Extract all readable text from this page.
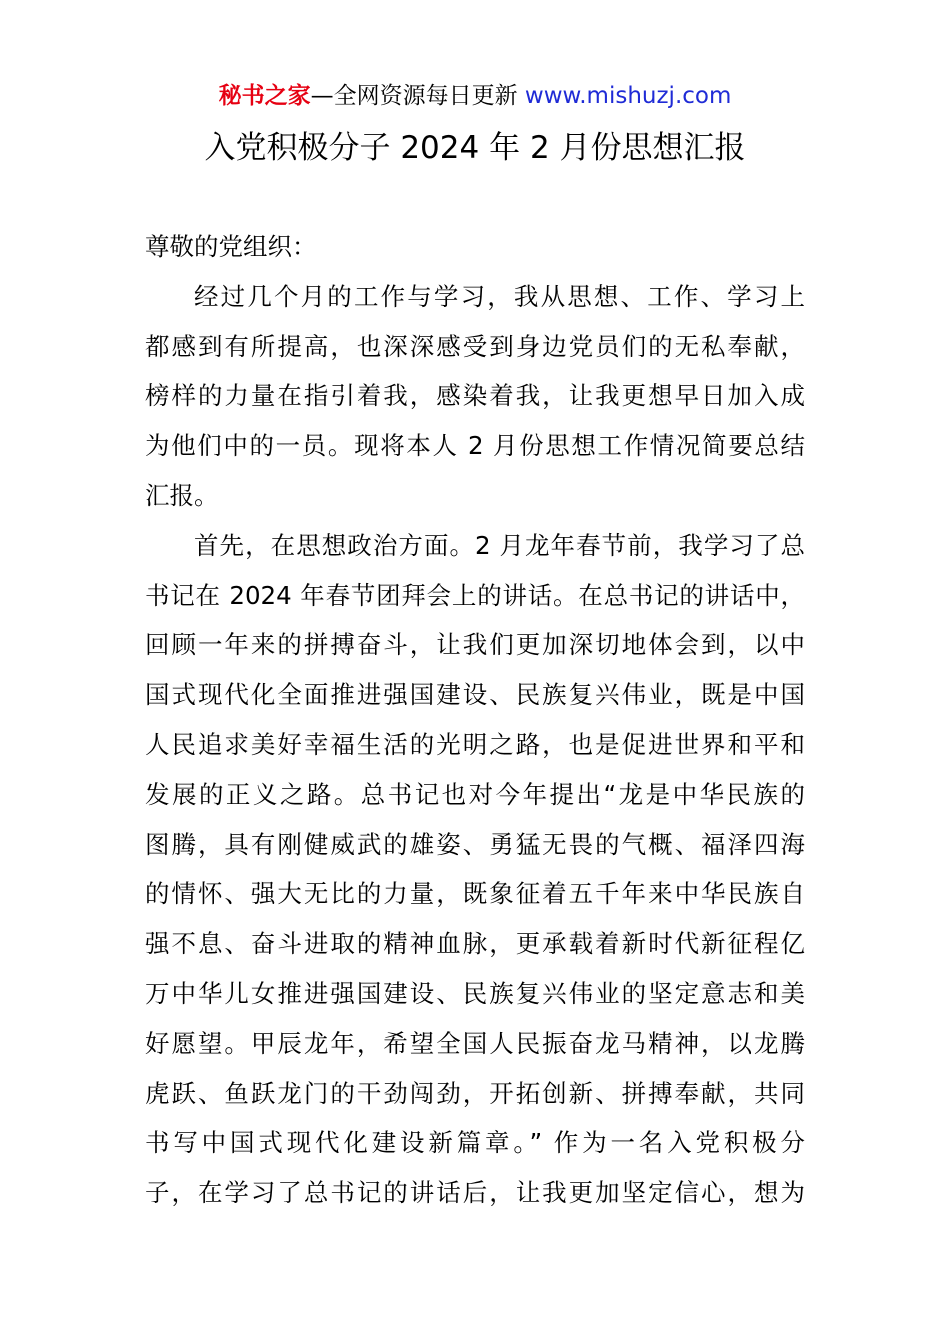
秘书之家—全网资源每日更新 www.mishuzj.com
入党积极分子 2024 年 2 月份思想汇报
尊敬的党组织：
经过几个月的工作与学习，我从思想、工作、学习上
都感到有所提高，也深深感受到身边党员们的无私奉献，
榜样的力量在指引着我，感染着我，让我更想早日加入成
为他们中的一员。现将本人 2 月份思想工作情况简要总结
汇报。
首先，在思想政治方面。2 月龙年春节前，我学习了总
书记在 2024 年春节团拜会上的讲话。在总书记的讲话中，
回顾一年来的拼搏奋斗，让我们更加深切地体会到，以中
国式现代化全面推进强国建设、民族复兴伟业，既是中国
人民追求美好幸福生活的光明之路，也是促进世界和平和
发展的正义之路。总书记也对今年提出“龙是中华民族的
图腾，具有刚健威武的雄姿、勇猛无畏的气概、福泽四海
的情怀、强大无比的力量，既象征着五千年来中华民族自
强不息、奋斗进取的精神血脉，更承载着新时代新征程亿
万中华儿女推进强国建设、民族复兴伟业的坚定意志和美
好愿望。甲辰龙年，希望全国人民振奋龙马精神，以龙腾
虎跃、鱼跃龙门的干劲闯劲，开拓创新、拼搏奉献，共同
书写中国式现代化建设新篇章。” 作为一名入党积极分
子，在学习了总书记的讲话后，让我更加坚定信心，想为
